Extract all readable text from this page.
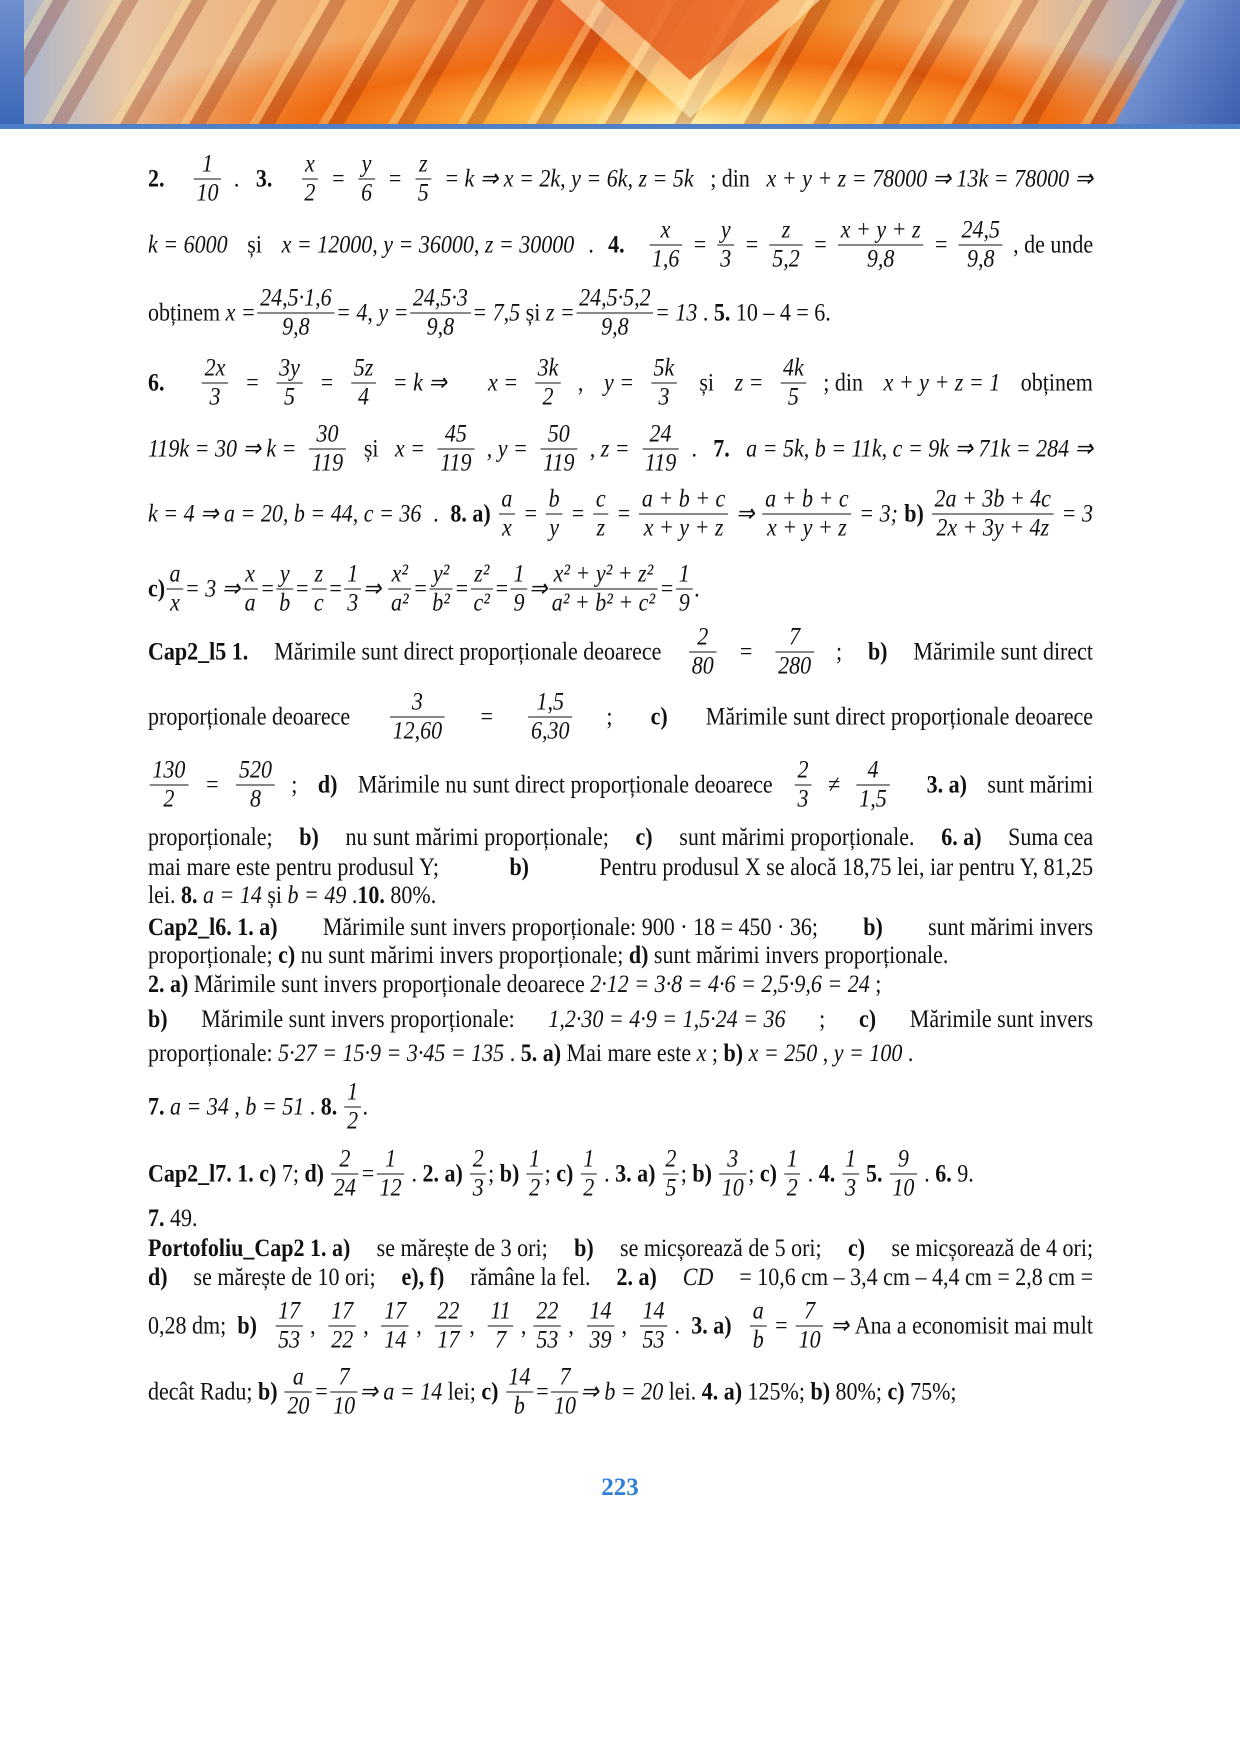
2.
$\frac{1}{10}$ . 3.
$\frac{x}{2} = \frac{y}{6} = \frac{z}{5} = k$ ⇒ x = 2k, y = 6k, z = 5k ; din x + y + z = 78000 ⇒ 13k = 78000 ⇒
k = 6000 și x = 12000, y = 36000, z = 30000 . 4.
$\frac{x}{1,6} = \frac{y}{3} = \frac{z}{5,2} = \frac{x + y + z}{9,8} = \frac{24,5}{9,8}$ , de unde
obținem $x = \frac{24,5\cdot 1,6}{9,8} = 4$ , $y = \frac{24,5\cdot 3}{9,8} = 7,5$ și $z = \frac{24,5\cdot 5,2}{9,8} = 13$ . 5. 10 – 4 = 6.
6.
$\frac{2x}{3} = \frac{3y}{5} = \frac{5z}{4} = k$ ⇒
$x = \frac{3k}{2}$ , $y = \frac{5k}{3}$ și $z = \frac{4k}{5}$ ; din x + y + z = 1 obținem
119k = 30 ⇒ $k = \frac{30}{119}$ și $x = \frac{45}{119}$ , $y = \frac{50}{119}$ , $z = \frac{24}{119}$ . 7. a = 5k, b = 11k, c = 9k ⇒ 71k = 284 ⇒
k = 4 ⇒ a = 20, b = 44, c = 36 . 8. $a) \frac{a}{x} = \frac{b}{y} = \frac{c}{z} = \frac{a + b + c}{x + y + z}$ ⇒ $\frac{a + b + c}{x + y + z} = 3$; $b) \frac{2a + 3b + 4c}{2x + 3y + 4z} = 3$
$c) \frac{a}{x} = 3$ ⇒ $\frac{x}{a} = \frac{y}{b} = \frac{z}{c} = \frac{1}{3}$ ⇒ $\frac{\text{x²}}{\text{a²}} = \frac{\text{y²}}{\text{b²}} = \frac{\text{z²}}{\text{c²}} = \frac{1}{9}$ ⇒ $\frac{\text{x² + y² + z²}}{\text{a² + b² + c²}} = \frac{1}{9}$ .
Cap2_l5 1. Mărimile sunt direct proporționale deoarece $\frac{2}{80} = \frac{7}{280}$ ; b) Mărimile sunt direct
proporționale deoarece $\frac{3}{12,60} = \frac{1,5}{6,30}$ ; c) Mărimile sunt direct proporționale deoarece
$\frac{130}{2} = \frac{520}{8}$ ; d) Mărimile nu sunt direct proporționale deoarece $\frac{2}{3} \ne \frac{4}{1,5}$
3. a) sunt mărimi
proporționale; b) nu sunt mărimi proporționale; c) sunt mărimi proporționale. 6. a) Suma cea
mai mare este pentru produsul Y;	b)	Pentru produsul X se alocă 18,75 lei, iar pentru Y, 81,25
lei. 8. a = 14 și b = 49 . 10. 80%.
Cap2_l6. 1. a) Mărimile sunt invers proporționale: 900 · 18 = 450 · 36; b) sunt mărimi invers
proporționale; c) nu sunt mărimi invers proporționale; d) sunt mărimi invers proporționale.
2. a) Mărimile sunt invers proporționale deoarece 2·12 = 3·8 = 4·6 = 2,5·9,6 = 24 ;
b) Mărimile sunt invers proporționale: 1,2·30 = 4·9 = 1,5·24 = 36 ; c) Mărimile sunt invers
proporționale: 5·27 = 15·9 = 3·45 = 135 . 5. a) Mai mare este x ; b) x = 250 , y = 100 .
7. a = 34 , b = 51 . 8.
$\frac{1}{2}$ .
Cap2_l7. 1. c) 7; d)
$\frac{2}{24} = \frac{1}{12}$ . 2. a)
$\frac{2}{3}$ ; b)
$\frac{1}{2}$ ; c)
$\frac{1}{2}$ . 3. a)
$\frac{2}{5}$ ; b)
$\frac{3}{10}$ ; c)
$\frac{1}{2}$ . 4.
$\frac{1}{3}$
5.
$\frac{9}{10}$ . 6. 9.
7. 49.
Portofoliu_Cap2 1. a) se mărește de 3 ori; b) se micșorează de 5 ori; c) se micșorează de 4 ori;
d) se mărește de 10 ori; e), f) rămâne la fel. 2. a) CD = 10,6 cm – 3,4 cm – 4,4 cm = 2,8 cm =
0,28 dm; b)
$\frac{17}{53}$ , $\frac{17}{22}$ , $\frac{17}{14}$ , $\frac{22}{17}$ , $\frac{11}{7}$ , $\frac{22}{53}$ , $\frac{14}{39}$ , $\frac{14}{53}$ . 3. a)
$\frac{a}{b} = \frac{7}{10}$ ⇒ Ana a economisit mai mult
decât Radu; b)
$\frac{a}{20} = \frac{7}{10}$ ⇒ a = 14 lei; c)
$\frac{14}{b} = \frac{7}{10}$ ⇒ b = 20 lei. 4. a) 125%; b) 80%; c) 75%;
223
